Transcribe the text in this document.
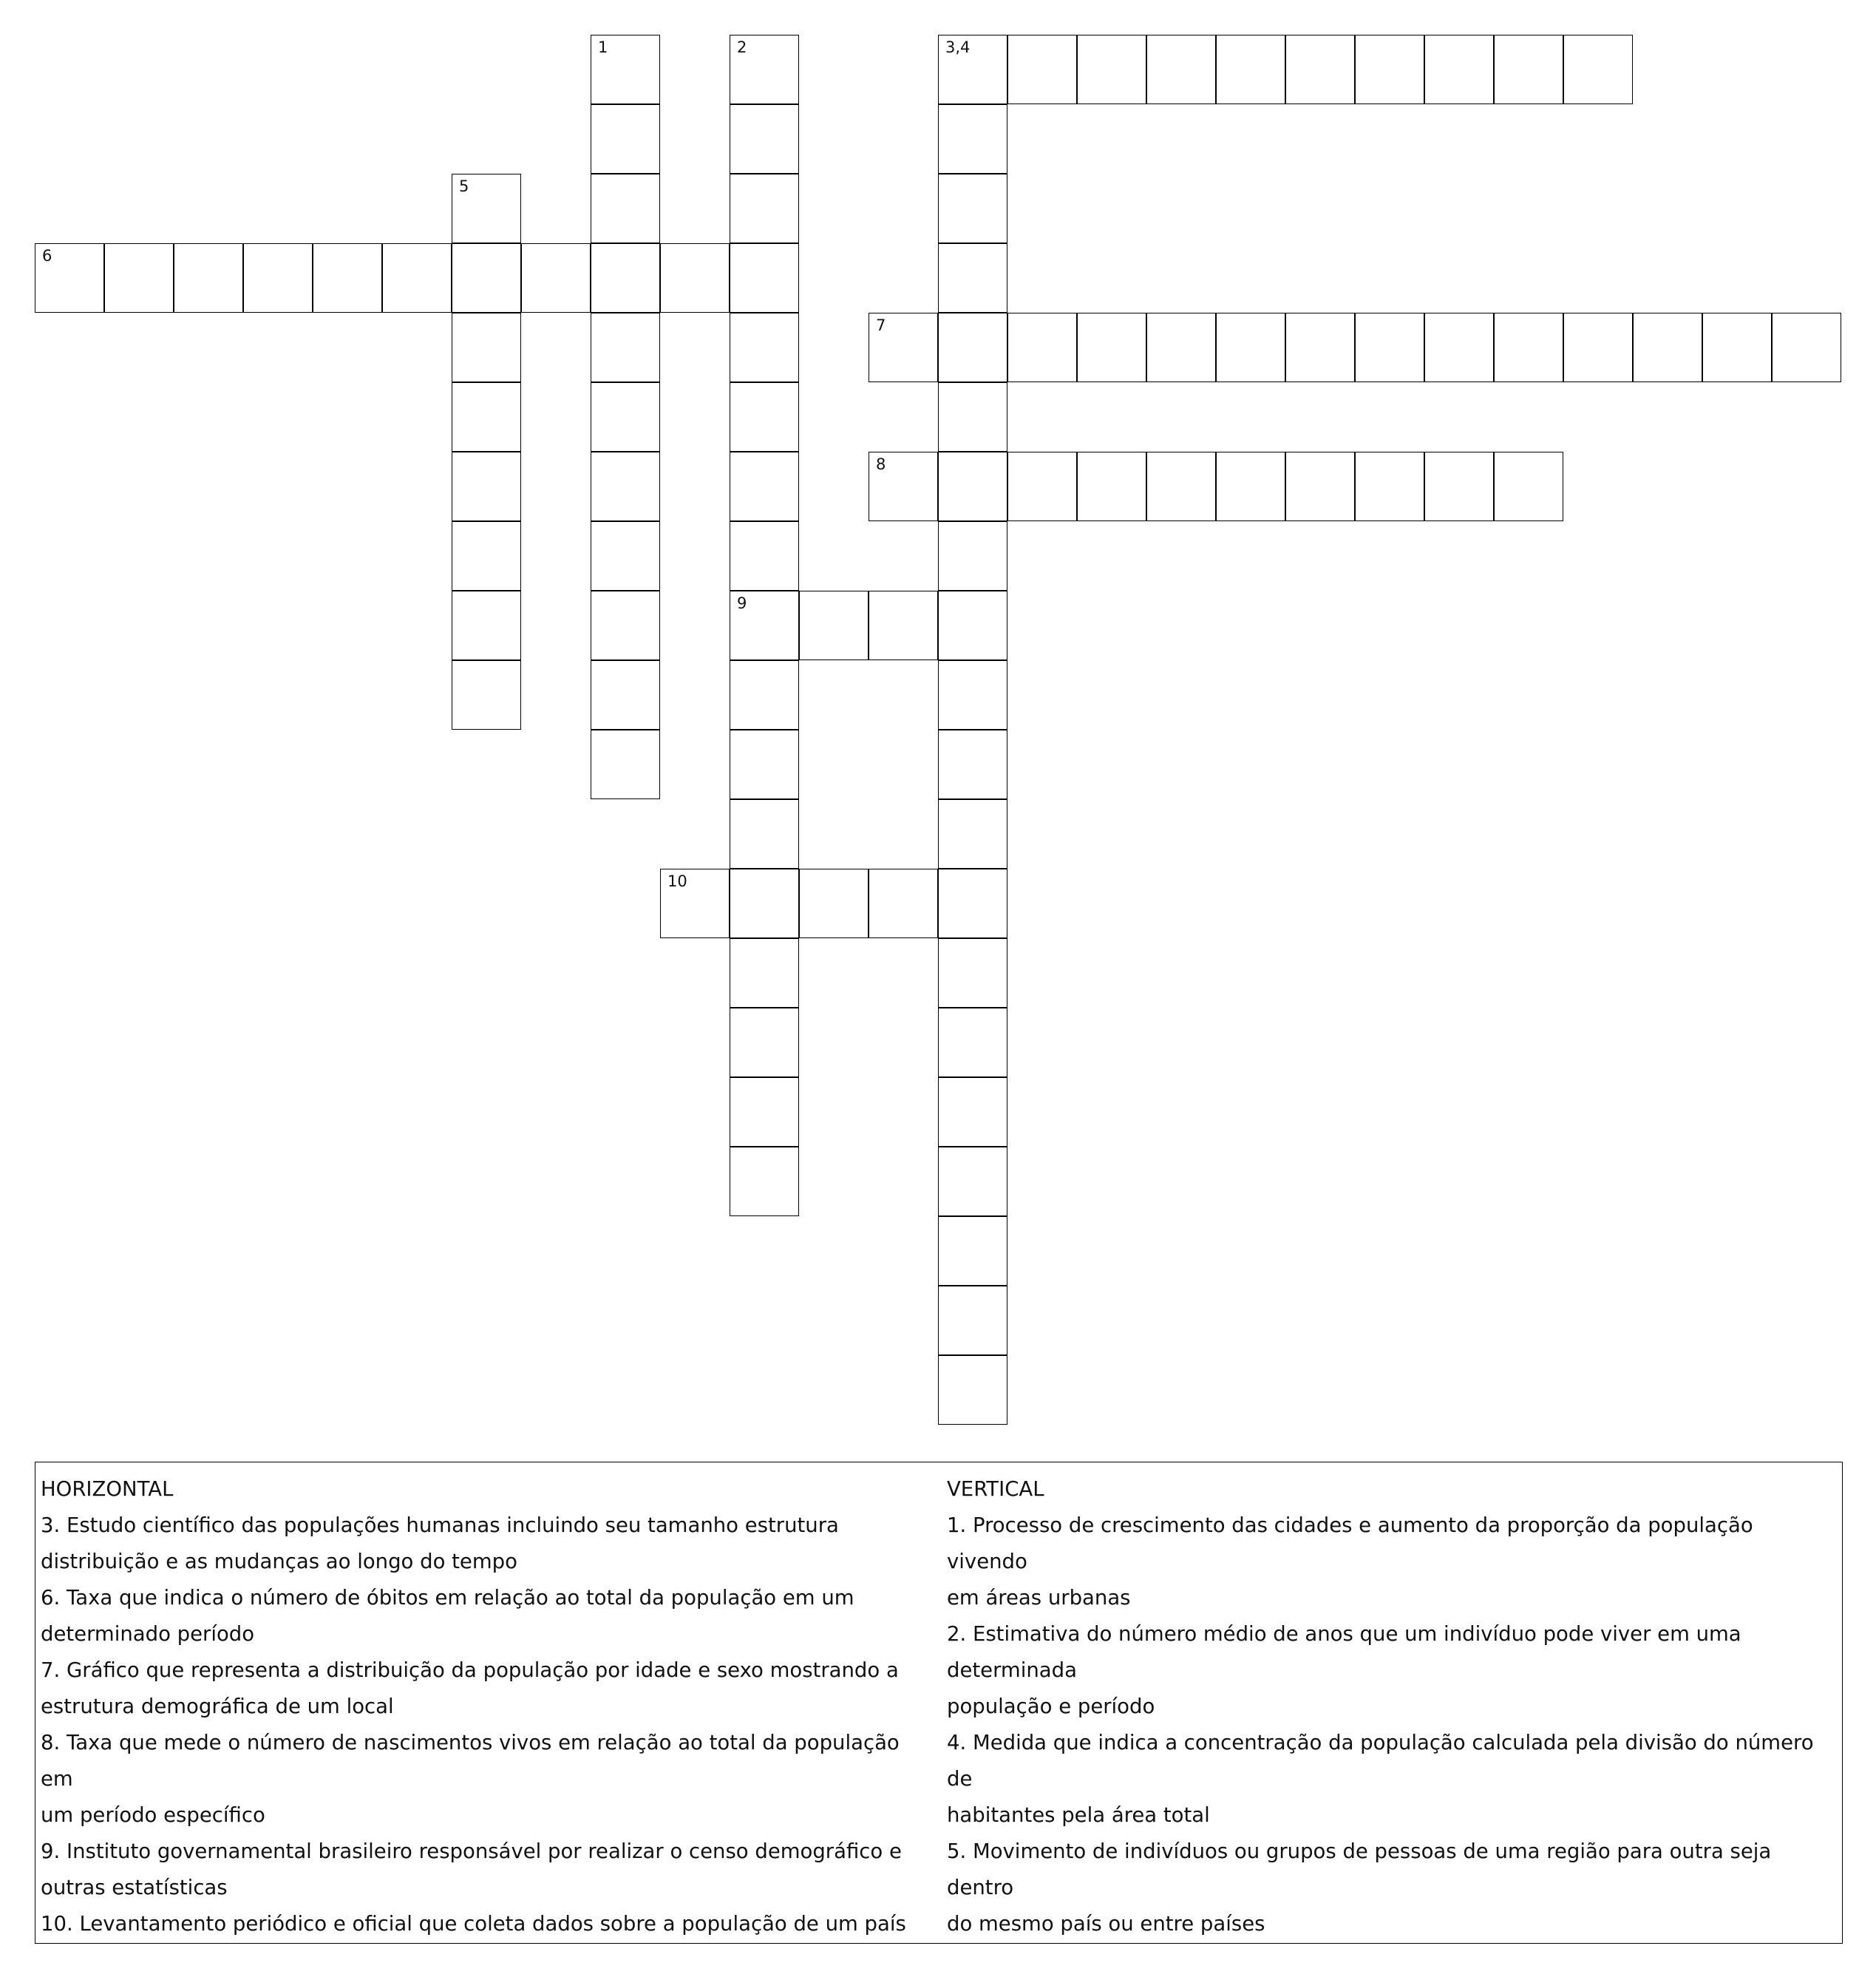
3,4
6
7
8
9
10
1	2
5
HORIZONTAL
3. Estudo científico das populações humanas incluindo seu tamanho estrutura
distribuição e as mudanças ao longo do tempo
6. Taxa que indica o número de óbitos em relação ao total da população em um
determinado período
7. Gráfico que representa a distribuição da população por idade e sexo mostrando a
estrutura demográfica de um local
8. Taxa que mede o número de nascimentos vivos em relação ao total da população em
um período específico
9. Instituto governamental brasileiro responsável por realizar o censo demográfico e
outras estatísticas
10. Levantamento periódico e oficial que coleta dados sobre a população de um país
VERTICAL
1. Processo de crescimento das cidades e aumento da proporção da população vivendo
em áreas urbanas
2. Estimativa do número médio de anos que um indivíduo pode viver em uma determinada
população e período
4. Medida que indica a concentração da população calculada pela divisão do número de
habitantes pela área total
5. Movimento de indivíduos ou grupos de pessoas de uma região para outra seja dentro
do mesmo país ou entre países
